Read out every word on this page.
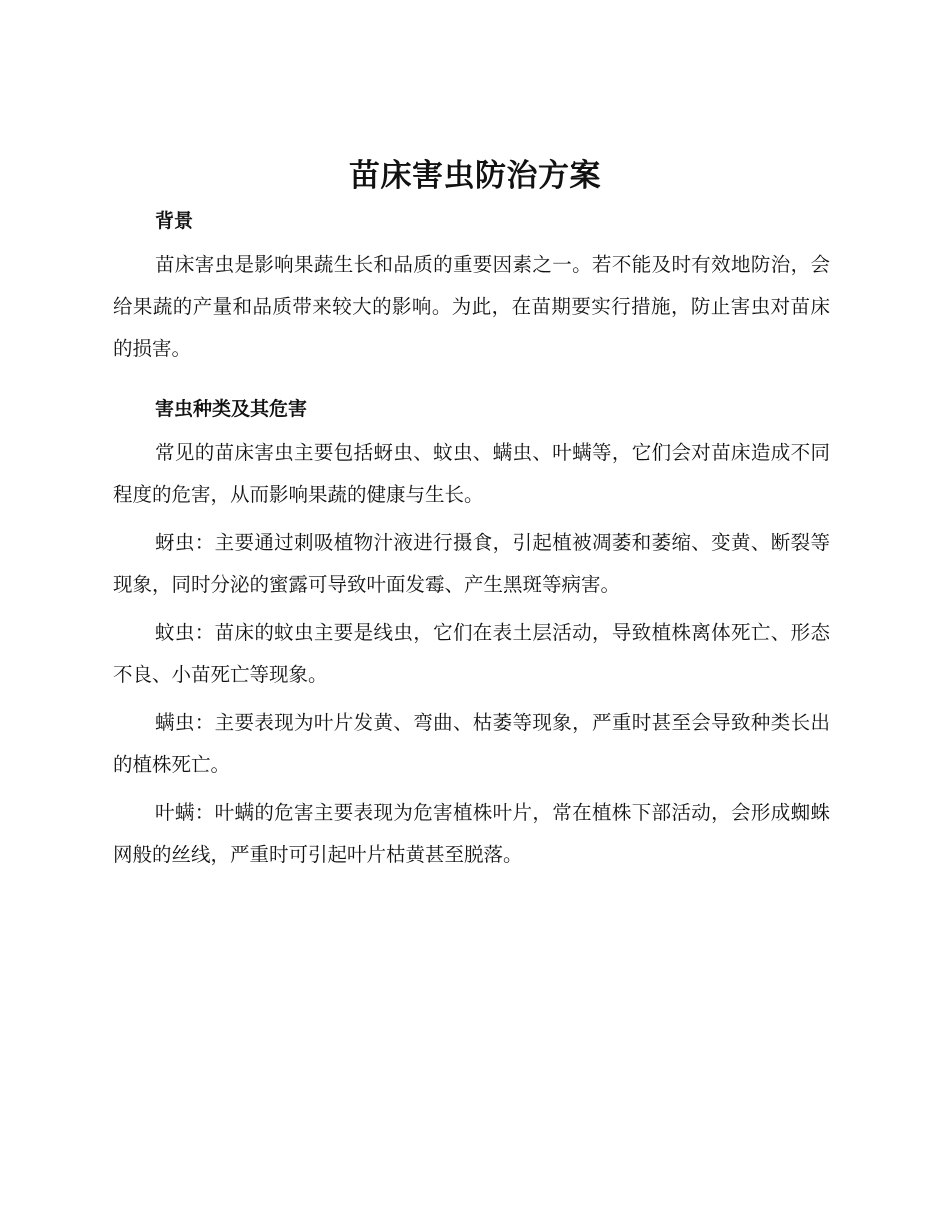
苗床害虫防治方案
背景

苗床害虫是影响果蔬生长和品质的重要因素之一。若不能及时有效地防治，会给果蔬的产量和品质带来较大的影响。为此，在苗期要实行措施，防止害虫对苗床的损害。

害虫种类及其危害

常见的苗床害虫主要包括蚜虫、蚊虫、螨虫、叶螨等，它们会对苗床造成不同程度的危害，从而影响果蔬的健康与生长。

蚜虫：主要通过刺吸植物汁液进行摄食，引起植被凋萎和萎缩、变黄、断裂等现象，同时分泌的蜜露可导致叶面发霉、产生黑斑等病害。

蚊虫：苗床的蚊虫主要是线虫，它们在表土层活动，导致植株离体死亡、形态不良、小苗死亡等现象。

螨虫：主要表现为叶片发黄、弯曲、枯萎等现象，严重时甚至会导致种类长出的植株死亡。

叶螨：叶螨的危害主要表现为危害植株叶片，常在植株下部活动，会形成蜘蛛网般的丝线，严重时可引起叶片枯黄甚至脱落。
